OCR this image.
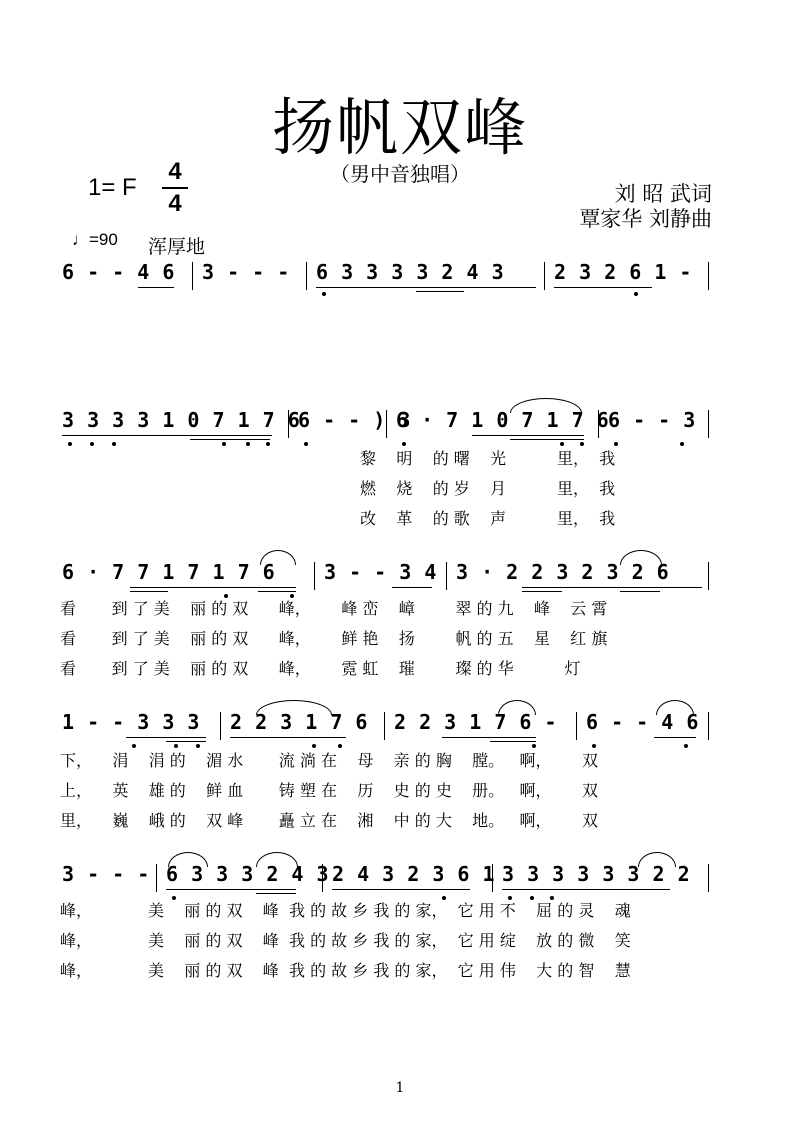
扬帆双峰
（男中音独唱）
1= F
4
4	刘 昭 武词
覃家华 刘静曲
♩=90 浑厚地
6 - - 4 6 3 - - - 6 3 3 3 3 2 4 3 2 3 2 6 1 -
3 3 3 3 1 0 7 1 7 6
6 - - ) 3
6 · 7 1 0 7 1 7 6
6 - - 3
黎    明    的 曙    光          里，  我
燃    烧    的 岁    月          里，  我
改    革    的 歌    声          里，  我
6 · 7 7 1 7 1 7 6 3 - - 3 4 3 · 2 2 3 2 3 2 6
看       到 了 美    丽 的 双      峰，      峰 峦    嶂        翠 的 九    峰    云 霄
看       到 了 美    丽 的 双      峰，      鲜 艳    扬        帆 的 五    星    红 旗
看       到 了 美    丽 的 双      峰，      霓 虹    璀        璨 的 华          灯
1 - - 3 3 3 2 2 3 1 7 6 2 2 3 1 7 6 - 6 - - 4 6
下，    涓    涓 的    湄 水       流 淌 在    母    亲 的 胸    膛。   啊，      双
上，    英    雄 的    鲜 血       铸 塑 在    历    史 的 史    册。   啊，      双
里，    巍    峨 的    双 峰       矗 立 在    湘    中 的 大    地。   啊，      双
3 - - - 6 3 3 3 2 4 3 2 4 3 2 3 6 1 3 3 3 3 3 3 2 2
峰，           美    丽 的 双    峰  我 的 故 乡 我 的 家，  它 用 不    屈 的 灵    魂
峰，           美    丽 的 双    峰  我 的 故 乡 我 的 家，  它 用 绽    放 的 微    笑
峰，           美    丽 的 双    峰  我 的 故 乡 我 的 家，  它 用 伟    大 的 智    慧
1
